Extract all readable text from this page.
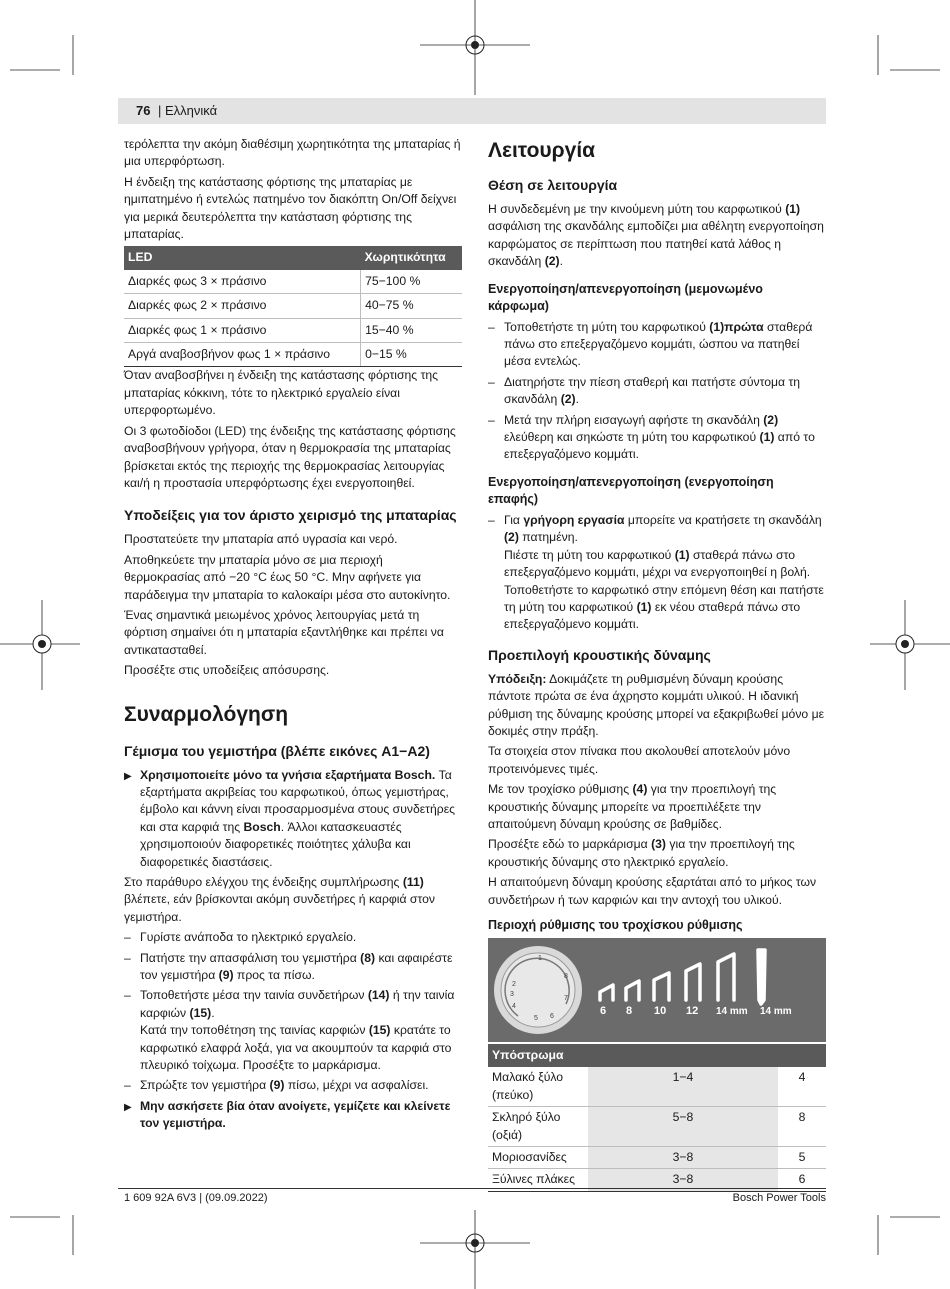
76 | Ελληνικά

τερόλεπτα την ακόμη διαθέσιμη χωρητικότητα της μπαταρίας ή μια υπερφόρτωση.

Η ένδειξη της κατάστασης φόρτισης της μπαταρίας με ημιπατημένο ή εντελώς πατημένο τον διακόπτη On/Off δείχνει για μερικά δευτερόλεπτα την κατάσταση φόρτισης της μπαταρίας.

LED	Χωρητικότητα
Διαρκές φως 3 × πράσινο	75−100 %
Διαρκές φως 2 × πράσινο	40−75 %
Διαρκές φως 1 × πράσινο	15−40 %
Αργά αναβοσβήνον φως 1 × πράσινο	0−15 %

Όταν αναβοσβήνει η ένδειξη της κατάστασης φόρτισης της μπαταρίας κόκκινη, τότε το ηλεκτρικό εργαλείο είναι υπερφορτωμένο.

Οι 3 φωτοδίοδοι (LED) της ένδειξης της κατάστασης φόρτισης αναβοσβήνουν γρήγορα, όταν η θερμοκρασία της μπαταρίας βρίσκεται εκτός της περιοχής της θερμοκρασίας λειτουργίας και/ή η προστασία υπερφόρτωσης έχει ενεργοποιηθεί.

Υποδείξεις για τον άριστο χειρισμό της μπαταρίας

Προστατεύετε την μπαταρία από υγρασία και νερό.

Αποθηκεύετε την μπαταρία μόνο σε μια περιοχή θερμοκρασίας από −20 °C έως 50 °C. Μην αφήνετε για παράδειγμα την μπαταρία το καλοκαίρι μέσα στο αυτοκίνητο.

Ένας σημαντικά μειωμένος χρόνος λειτουργίας μετά τη φόρτιση σημαίνει ότι η μπαταρία εξαντλήθηκε και πρέπει να αντικατασταθεί.

Προσέξτε στις υποδείξεις απόσυρσης.

Συναρμολόγηση
Γέμισμα του γεμιστήρα (βλέπε εικόνες A1−A2)
▶ Χρησιμοποιείτε μόνο τα γνήσια εξαρτήματα Bosch. Τα εξαρτήματα ακριβείας του καρφωτικού, όπως γεμιστήρας, έμβολο και κάννη είναι προσαρμοσμένα στους συνδετήρες και στα καρφιά της Bosch. Άλλοι κατασκευαστές χρησιμοποιούν διαφορετικές ποιότητες χάλυβα και διαφορετικές διαστάσεις.

Στο παράθυρο ελέγχου της ένδειξης συμπλήρωσης (11) βλέπετε, εάν βρίσκονται ακόμη συνδετήρες ή καρφιά στον γεμιστήρα.

– Γυρίστε ανάποδα το ηλεκτρικό εργαλείο.
– Πατήστε την απασφάλιση του γεμιστήρα (8) και αφαιρέστε τον γεμιστήρα (9) προς τα πίσω.
– Τοποθετήστε μέσα την ταινία συνδετήρων (14) ή την ταινία καρφιών (15).
Κατά την τοποθέτηση της ταινίας καρφιών (15) κρατάτε το καρφωτικό ελαφρά λοξά, για να ακουμπούν τα καρφιά στο πλευρικό τοίχωμα. Προσέξτε το μαρκάρισμα.
– Σπρώξτε τον γεμιστήρα (9) πίσω, μέχρι να ασφαλίσει.
▶ Μην ασκήσετε βία όταν ανοίγετε, γεμίζετε και κλείνετε τον γεμιστήρα.
Λειτουργία
Θέση σε λειτουργία

Η συνδεδεμένη με την κινούμενη μύτη του καρφωτικού (1) ασφάλιση της σκανδάλης εμποδίζει μια αθέλητη ενεργοποίηση καρφώματος σε περίπτωση που πατηθεί κατά λάθος η σκανδάλη (2).

Ενεργοποίηση/απενεργοποίηση (μεμονωμένο κάρφωμα)
– Τοποθετήστε τη μύτη του καρφωτικού (1)πρώτα σταθερά πάνω στο επεξεργαζόμενο κομμάτι, ώσπου να πατηθεί μέσα εντελώς.
– Διατηρήστε την πίεση σταθερή και πατήστε σύντομα τη σκανδάλη (2).
– Μετά την πλήρη εισαγωγή αφήστε τη σκανδάλη (2) ελεύθερη και σηκώστε τη μύτη του καρφωτικού (1) από το επεξεργαζόμενο κομμάτι.
Ενεργοποίηση/απενεργοποίηση (ενεργοποίηση επαφής)
– Για γρήγορη εργασία μπορείτε να κρατήσετε τη σκανδάλη (2) πατημένη.
Πιέστε τη μύτη του καρφωτικού (1) σταθερά πάνω στο επεξεργαζόμενο κομμάτι, μέχρι να ενεργοποιηθεί η βολή. Τοποθετήστε το καρφωτικό στην επόμενη θέση και πατήστε τη μύτη του καρφωτικού (1) εκ νέου σταθερά πάνω στο επεξεργαζόμενο κομμάτι.
Προεπιλογή κρουστικής δύναμης

Υπόδειξη: Δοκιμάζετε τη ρυθμισμένη δύναμη κρούσης πάντοτε πρώτα σε ένα άχρηστο κομμάτι υλικού. Η ιδανική ρύθμιση της δύναμης κρούσης μπορεί να εξακριβωθεί μόνο με δοκιμές στην πράξη.

Τα στοιχεία στον πίνακα που ακολουθεί αποτελούν μόνο προτεινόμενες τιμές.

Με τον τροχίσκο ρύθμισης (4) για την προεπιλογή της κρουστικής δύναμης μπορείτε να προεπιλέξετε την απαιτούμενη δύναμη κρούσης σε βαθμίδες.

Προσέξτε εδώ το μαρκάρισμα (3) για την προεπιλογή της κρουστικής δύναμης στο ηλεκτρικό εργαλείο.

Η απαιτούμενη δύναμη κρούσης εξαρτάται από το μήκος των συνδετήρων ή των καρφιών και την αντοχή του υλικού.

Περιοχή ρύθμισης του τροχίσκου ρύθμισης
1
2
3
4
5 6
7
8
6 8 10 12 14 mm 14 mm
Υπόστρωμα
Μαλακό ξύλο (πεύκο)	1−4	4
Σκληρό ξύλο (οξιά)	5−8	8
Μοριοσανίδες	3−8	5
Ξύλινες πλάκες	3−8	6
1 609 92A 6V3 | (09.09.2022)	Bosch Power Tools
